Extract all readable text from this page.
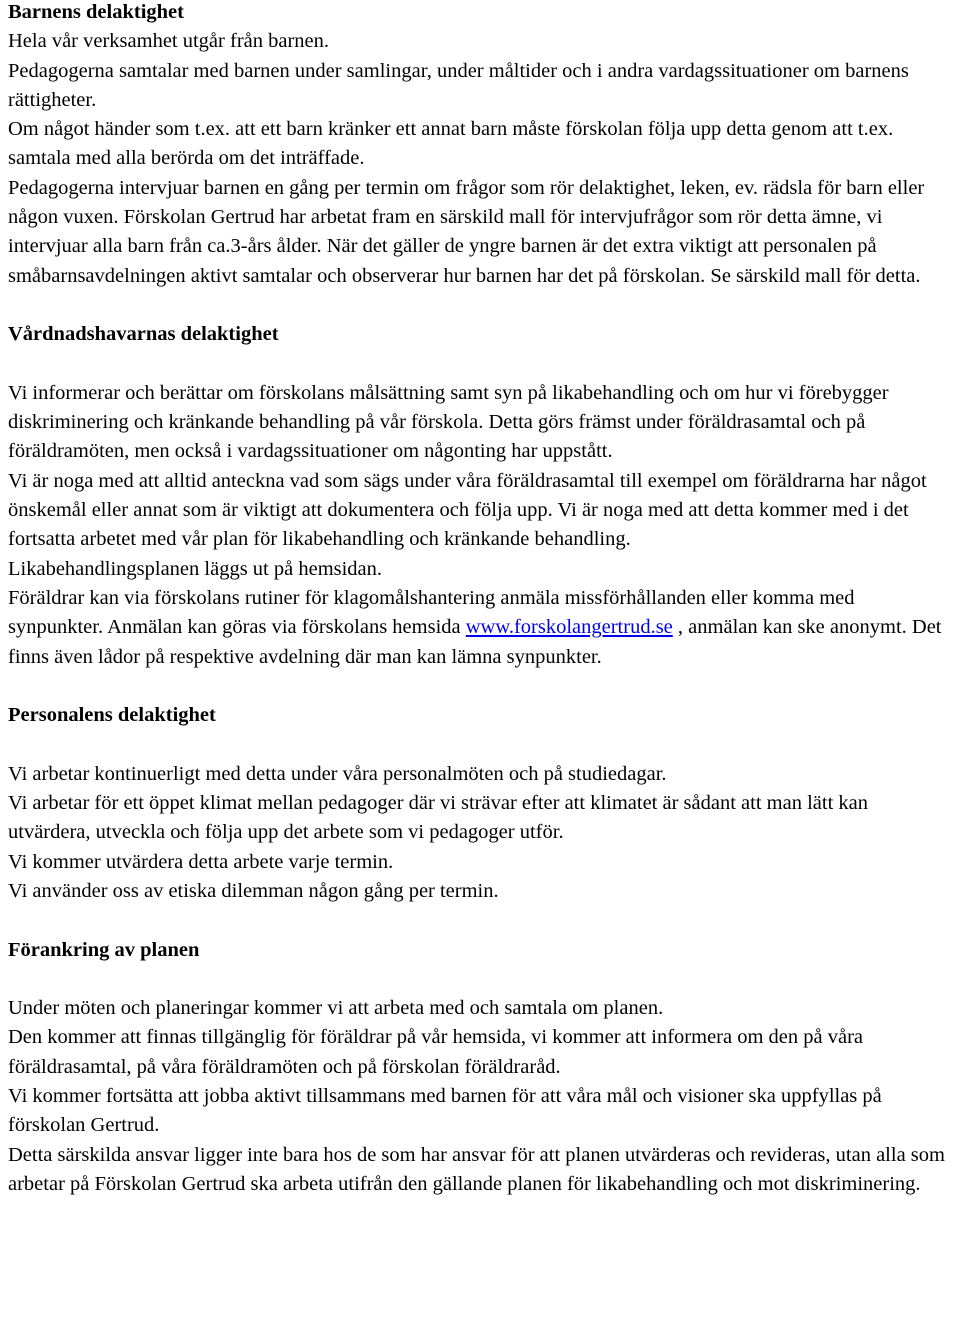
Barnens delaktighet

Hela vår verksamhet utgår från barnen.

Pedagogerna samtalar med barnen under samlingar, under måltider och i andra vardagssituationer om barnens rättigheter.

Om något händer som t.ex. att ett barn kränker ett annat barn måste förskolan följa upp detta genom att t.ex. samtala med alla berörda om det inträffade.

Pedagogerna intervjuar barnen en gång per termin om frågor som rör delaktighet, leken, ev. rädsla för barn eller någon vuxen. Förskolan Gertrud har arbetat fram en särskild mall för intervjufrågor som rör detta ämne, vi intervjuar alla barn från ca.3-års ålder. När det gäller de yngre barnen är det extra viktigt att personalen på småbarnsavdelningen aktivt samtalar och observerar hur barnen har det på förskolan. Se särskild mall för detta.

Vårdnadshavarnas delaktighet

Vi informerar och berättar om förskolans målsättning samt syn på likabehandling och om hur vi förebygger diskriminering och kränkande behandling på vår förskola. Detta görs främst under föräldrasamtal och på föräldramöten, men också i vardagssituationer om någonting har uppstått.

Vi är noga med att alltid anteckna vad som sägs under våra föräldrasamtal till exempel om föräldrarna har något önskemål eller annat som är viktigt att dokumentera och följa upp. Vi är noga med att detta kommer med i det fortsatta arbetet med vår plan för likabehandling och kränkande behandling.

Likabehandlingsplanen läggs ut på hemsidan.

Föräldrar kan via förskolans rutiner för klagomålshantering anmäla missförhållanden eller komma med synpunkter. Anmälan kan göras via förskolans hemsida www.forskolangertrud.se , anmälan kan ske anonymt. Det finns även lådor på respektive avdelning där man kan lämna synpunkter.

Personalens delaktighet

Vi arbetar kontinuerligt med detta under våra personalmöten och på studiedagar.

Vi arbetar för ett öppet klimat mellan pedagoger där vi strävar efter att klimatet är sådant att man lätt kan utvärdera, utveckla och följa upp det arbete som vi pedagoger utför.

Vi kommer utvärdera detta arbete varje termin.

Vi använder oss av etiska dilemman någon gång per termin.

Förankring av planen

Under möten och planeringar kommer vi att arbeta med och samtala om planen.

Den kommer att finnas tillgänglig för föräldrar på vår hemsida, vi kommer att informera om den på våra föräldrasamtal, på våra föräldramöten och på förskolan föräldraråd.

Vi kommer fortsätta att jobba aktivt tillsammans med barnen för att våra mål och visioner ska uppfyllas på förskolan Gertrud.

Detta särskilda ansvar ligger inte bara hos de som har ansvar för att planen utvärderas och revideras, utan alla som arbetar på Förskolan Gertrud ska arbeta utifrån den gällande planen för likabehandling och mot diskriminering.
